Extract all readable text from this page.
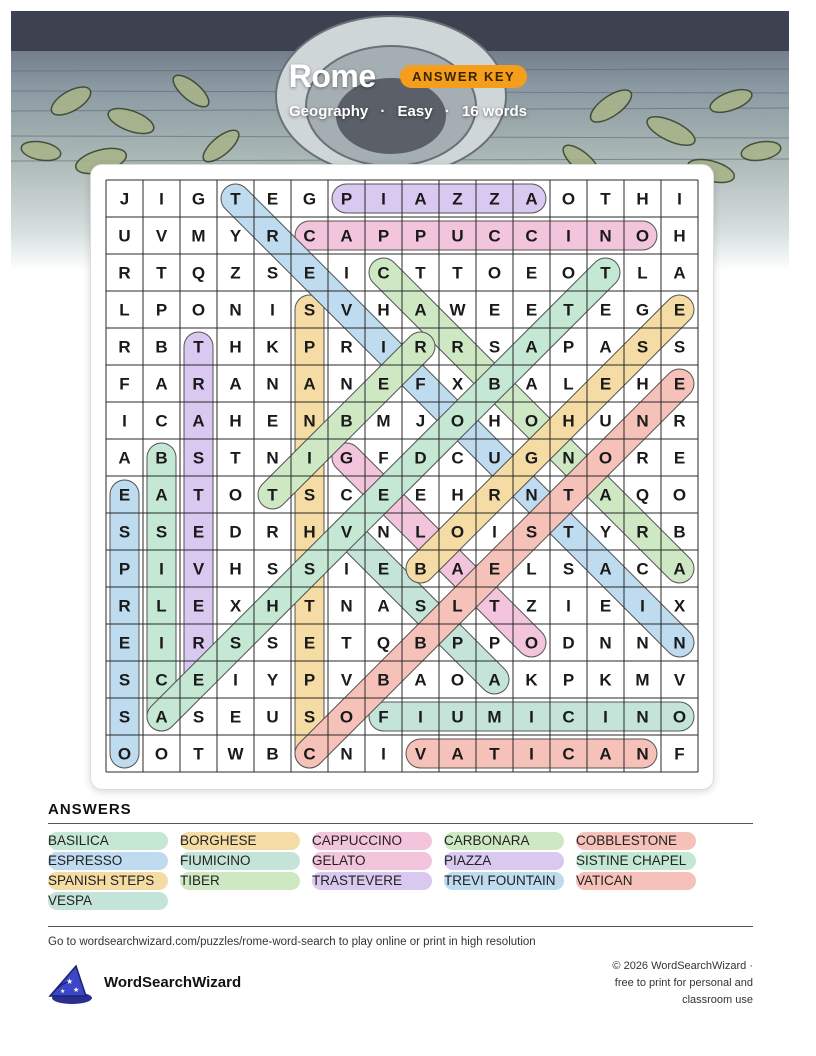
Rome	ANSWER KEY
Geography · Easy · 16 words
J I G T E G P I A Z Z A O T H I
U V M Y R C A P P U C C I N O H
R T Q Z S E I C T T O E O T L A
L P O N I S V H A W E E T E G E
R B T H K P R I R R S A P A S S
F A R A N A N E F X B A L E H E
I C A H E N B M J O H O H U N R
A B S T N I G F D C U G N O R E
E A T O T S C E E H R N T A Q O
S S E D R H V N L O I S T Y R B
P I V H S S I E B A E L S A C A
R L E X H T N A S L T Z I E I X
E I R S S E T Q B P P O D N N N
S C E I Y P V B A O A K P K M V
S A S E U S O F I U M I C I N O
O O T W B C N I V A T I C A N F
ANSWERS
BASILICA	BORGHESE	CAPPUCCINO	CARBONARA	COBBLESTONE
ESPRESSO	FIUMICINO	GELATO	PIAZZA	SISTINE CHAPEL
SPANISH STEPS	TIBER	TRASTEVERE	TREVI FOUNTAIN	VATICAN
VESPA
Go to wordsearchwizard.com/puzzles/rome-word-search to play online or print in high resolution
★
★
★
WordSearchWizard
© 2026 WordSearchWizard ·
free to print for personal and
classroom use
